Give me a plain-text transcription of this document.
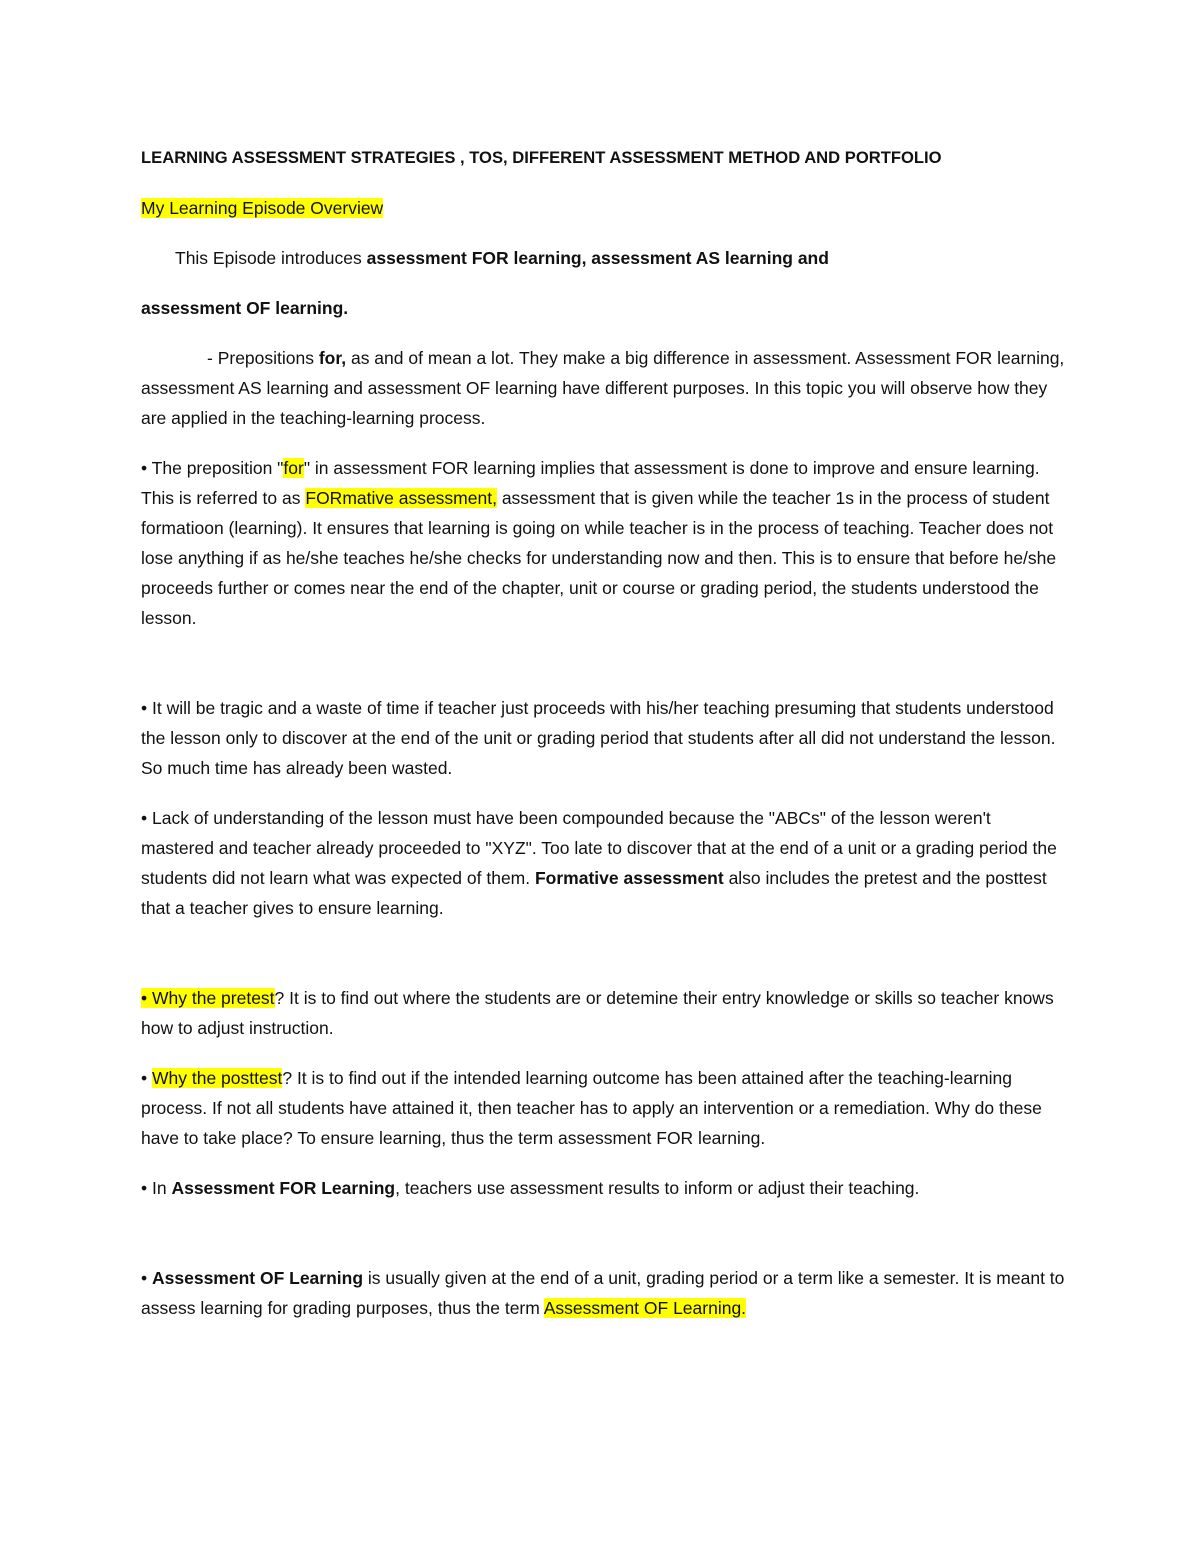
LEARNING ASSESSMENT STRATEGIES , TOS, DIFFERENT ASSESSMENT METHOD AND PORTFOLIO
My Learning Episode Overview
This Episode introduces assessment FOR learning, assessment AS learning and
assessment OF learning.
- Prepositions for, as and of mean a lot. They make a big difference in assessment. Assessment FOR learning, assessment AS learning and assessment OF learning have different purposes. In this topic you will observe how they are applied in the teaching-learning process.
• The preposition "for" in assessment FOR learning implies that assessment is done to improve and ensure learning. This is referred to as FORmative assessment, assessment that is given while the teacher 1s in the process of student formatioon (learning). It ensures that learning is going on while teacher is in the process of teaching. Teacher does not lose anything if as he/she teaches he/she checks for understanding now and then. This is to ensure that before he/she proceeds further or comes near the end of the chapter, unit or course or grading period, the students understood the lesson.
• It will be tragic and a waste of time if teacher just proceeds with his/her teaching presuming that students understood the lesson only to discover at the end of the unit or grading period that students after all did not understand the lesson. So much time has already been wasted.
• Lack of understanding of the lesson must have been compounded because the "ABCs" of the lesson weren't mastered and teacher already proceeded to "XYZ". Too late to discover that at the end of a unit or a grading period the students did not learn what was expected of them. Formative assessment also includes the pretest and the posttest that a teacher gives to ensure learning.
• Why the pretest? It is to find out where the students are or detemine their entry knowledge or skills so teacher knows how to adjust instruction.
• Why the posttest? It is to find out if the intended learning outcome has been attained after the teaching-learning process. If not all students have attained it, then teacher has to apply an intervention or a remediation. Why do these have to take place? To ensure learning, thus the term assessment FOR learning.
• In Assessment FOR Learning, teachers use assessment results to inform or adjust their teaching.
• Assessment OF Learning is usually given at the end of a unit, grading period or a term like a semester. It is meant to assess learning for grading purposes, thus the term Assessment OF Learning.
